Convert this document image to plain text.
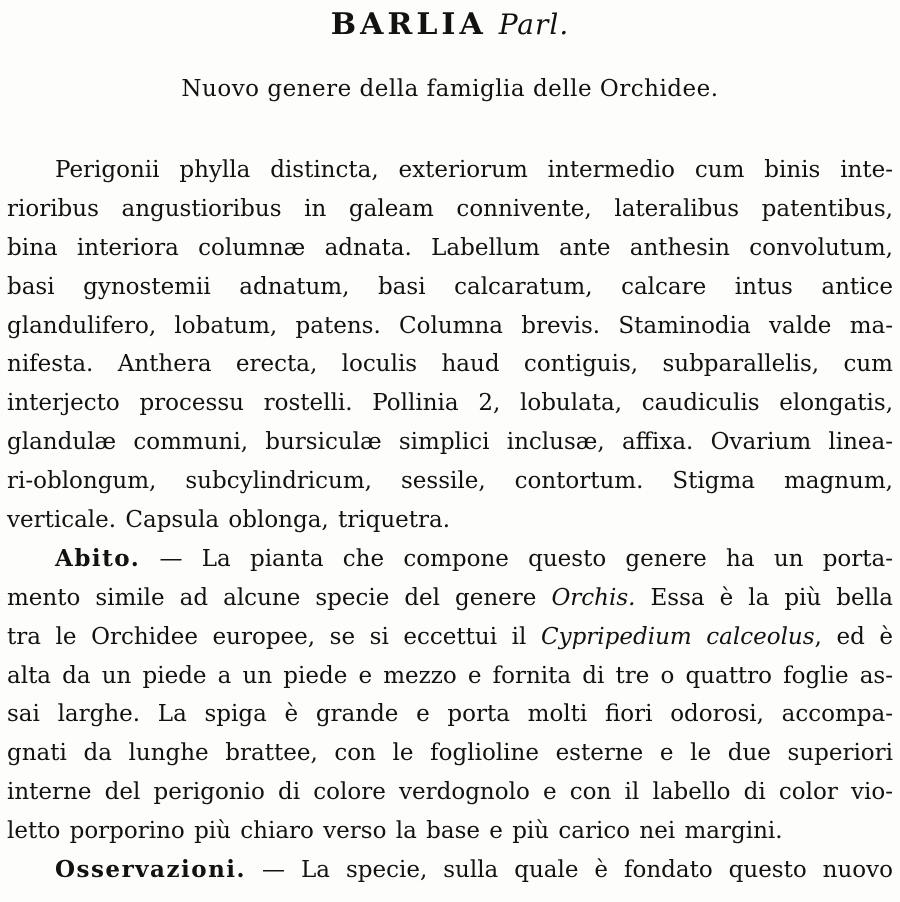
BARLIA Parl.
Nuovo genere della famiglia delle Orchidee.
Perigonii phylla distincta, exteriorum intermedio cum binis inte-
rioribus angustioribus in galeam connivente, lateralibus patentibus,
bina interiora columnæ adnata. Labellum ante anthesin convolutum,
basi gynostemii adnatum, basi calcaratum, calcare intus antice
glandulifero, lobatum, patens. Columna brevis. Staminodia valde ma-
nifesta. Anthera erecta, loculis haud contiguis, subparallelis, cum
interjecto processu rostelli. Pollinia 2, lobulata, caudiculis elongatis,
glandulæ communi, bursiculæ simplici inclusæ, affixa. Ovarium linea-
ri-oblongum, subcylindricum, sessile, contortum. Stigma magnum,
verticale. Capsula oblonga, triquetra.
Abito. — La pianta che compone questo genere ha un porta-
mento simile ad alcune specie del genere Orchis. Essa è la più bella
tra le Orchidee europee, se si eccettui il Cypripedium calceolus, ed è
alta da un piede a un piede e mezzo e fornita di tre o quattro foglie as-
sai larghe. La spiga è grande e porta molti fiori odorosi, accompa-
gnati da lunghe brattee, con le foglioline esterne e le due superiori
interne del perigonio di colore verdognolo e con il labello di color vio-
letto porporino più chiaro verso la base e più carico nei margini.
Osservazioni. — La specie, sulla quale è fondato questo nuovo
